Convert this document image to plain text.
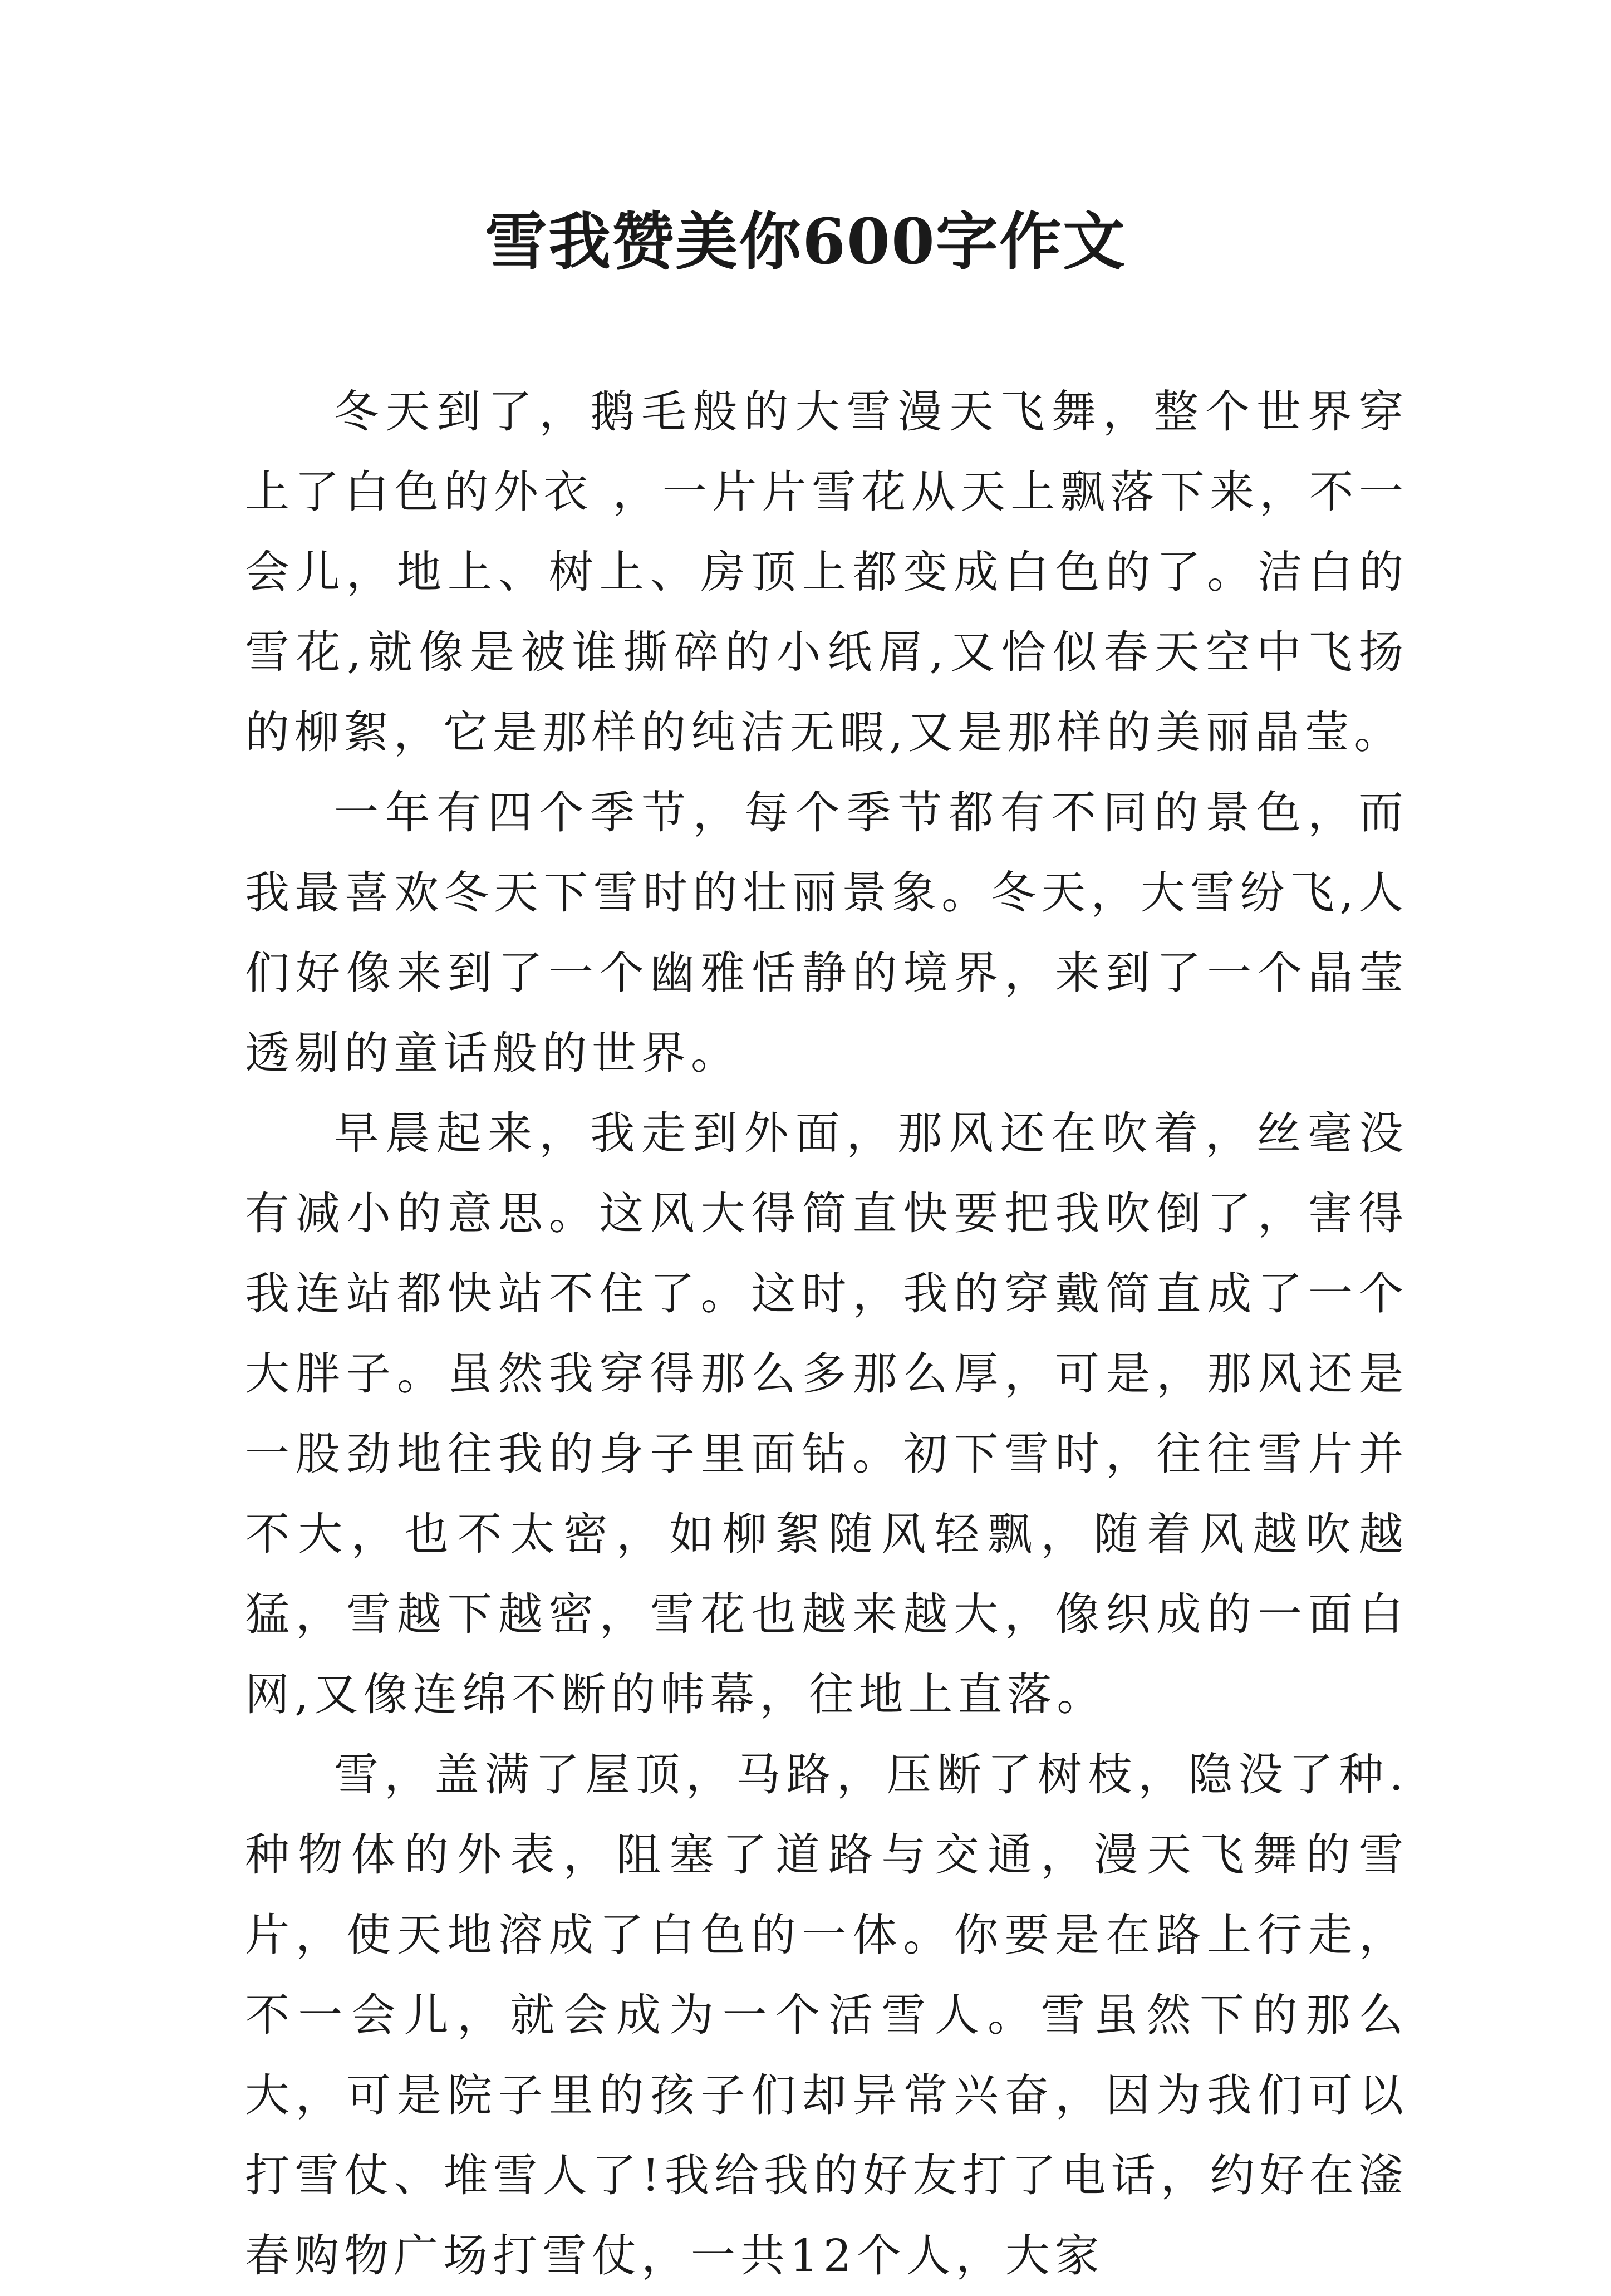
雪我赞美你600字作文

冬天到了，鹅毛般的大雪漫天飞舞，整个世界穿上了白色的外衣 ，一片片雪花从天上飘落下来，不一会儿，地上、树上、房顶上都变成白色的了。洁白的雪花,就像是被谁撕碎的小纸屑,又恰似春天空中飞扬的柳絮，它是那样的纯洁无暇,又是那样的美丽晶莹。

一年有四个季节，每个季节都有不同的景色，而我最喜欢冬天下雪时的壮丽景象。冬天，大雪纷飞,人们好像来到了一个幽雅恬静的境界，来到了一个晶莹透剔的童话般的世界。

早晨起来，我走到外面，那风还在吹着，丝毫没有减小的意思。这风大得简直快要把我吹倒了，害得我连站都快站不住了。这时，我的穿戴简直成了一个大胖子。虽然我穿得那么多那么厚，可是，那风还是一股劲地往我的身子里面钻。初下雪时，往往雪片并不大，也不太密，如柳絮随风轻飘，随着风越吹越猛，雪越下越密，雪花也越来越大，像织成的一面白网,又像连绵不断的帏幕，往地上直落。

雪，盖满了屋顶，马路，压断了树枝，隐没了种.种物体的外表，阻塞了道路与交通，漫天飞舞的雪片，使天地溶成了白色的一体。你要是在路上行走，不一会儿，就会成为一个活雪人。雪虽然下的那么大，可是院子里的孩子们却异常兴奋，因为我们可以打雪仗、堆雪人了!我给我的好友打了电话，约好在滏春购物广场打雪仗，一共12个人，大家
